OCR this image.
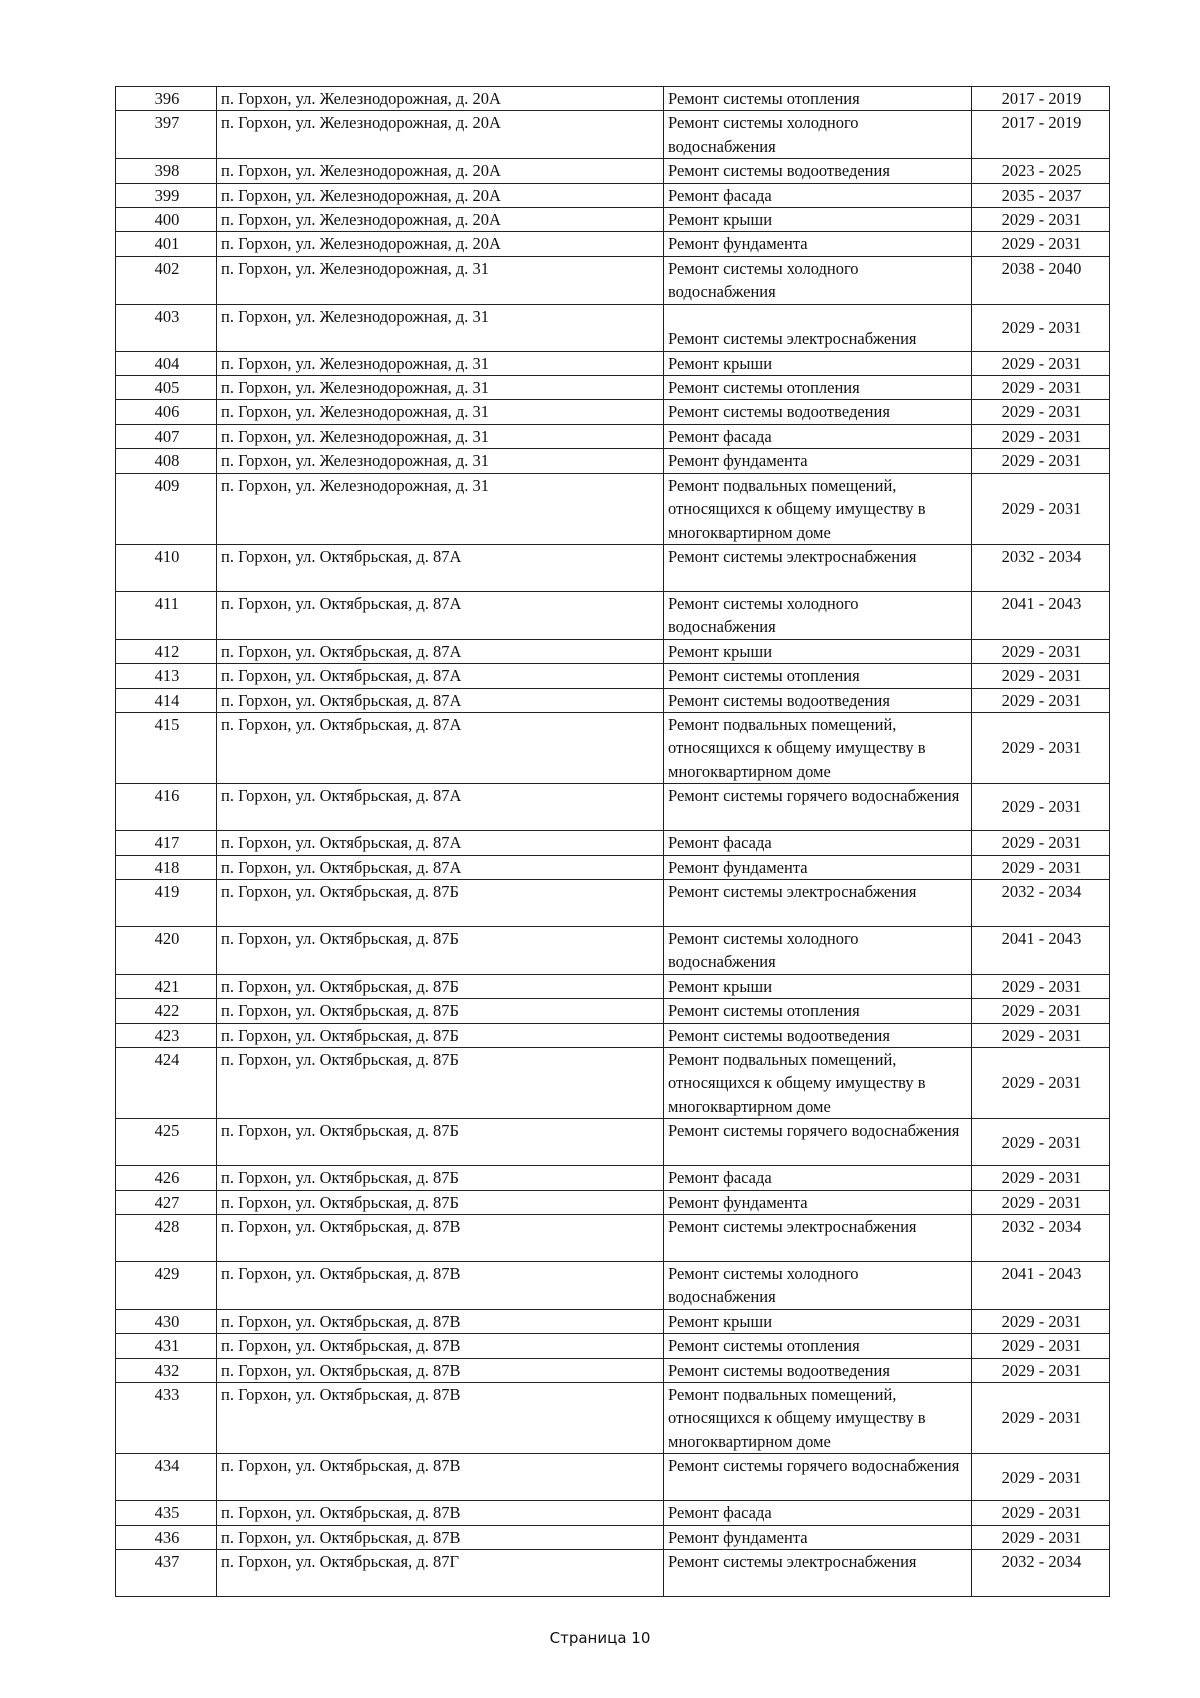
396	п. Горхон, ул. Железнодорожная, д. 20А	Ремонт системы отопления	2017 - 2019
397	п. Горхон, ул. Железнодорожная, д. 20А	Ремонт системы холодного водоснабжения	2017 - 2019
398	п. Горхон, ул. Железнодорожная, д. 20А	Ремонт системы водоотведения	2023 - 2025
399	п. Горхон, ул. Железнодорожная, д. 20А	Ремонт фасада	2035 - 2037
400	п. Горхон, ул. Железнодорожная, д. 20А	Ремонт крыши	2029 - 2031
401	п. Горхон, ул. Железнодорожная, д. 20А	Ремонт фундамента	2029 - 2031
402	п. Горхон, ул. Железнодорожная, д. 31	Ремонт системы холодного водоснабжения	2038 - 2040
403	п. Горхон, ул. Железнодорожная, д. 31	Ремонт системы электроснабжения	2029 - 2031
404	п. Горхон, ул. Железнодорожная, д. 31	Ремонт крыши	2029 - 2031
405	п. Горхон, ул. Железнодорожная, д. 31	Ремонт системы отопления	2029 - 2031
406	п. Горхон, ул. Железнодорожная, д. 31	Ремонт системы водоотведения	2029 - 2031
407	п. Горхон, ул. Железнодорожная, д. 31	Ремонт фасада	2029 - 2031
408	п. Горхон, ул. Железнодорожная, д. 31	Ремонт фундамента	2029 - 2031
409	п. Горхон, ул. Железнодорожная, д. 31	Ремонт подвальных помещений, относящихся к общему имуществу в многоквартирном доме	2029 - 2031
410	п. Горхон, ул. Октябрьская, д. 87А	Ремонт системы электроснабжения	2032 - 2034
411	п. Горхон, ул. Октябрьская, д. 87А	Ремонт системы холодного водоснабжения	2041 - 2043
412	п. Горхон, ул. Октябрьская, д. 87А	Ремонт крыши	2029 - 2031
413	п. Горхон, ул. Октябрьская, д. 87А	Ремонт системы отопления	2029 - 2031
414	п. Горхон, ул. Октябрьская, д. 87А	Ремонт системы водоотведения	2029 - 2031
415	п. Горхон, ул. Октябрьская, д. 87А	Ремонт подвальных помещений, относящихся к общему имуществу в многоквартирном доме	2029 - 2031
416	п. Горхон, ул. Октябрьская, д. 87А	Ремонт системы горячего водоснабжения	2029 - 2031
417	п. Горхон, ул. Октябрьская, д. 87А	Ремонт фасада	2029 - 2031
418	п. Горхон, ул. Октябрьская, д. 87А	Ремонт фундамента	2029 - 2031
419	п. Горхон, ул. Октябрьская, д. 87Б	Ремонт системы электроснабжения	2032 - 2034
420	п. Горхон, ул. Октябрьская, д. 87Б	Ремонт системы холодного водоснабжения	2041 - 2043
421	п. Горхон, ул. Октябрьская, д. 87Б	Ремонт крыши	2029 - 2031
422	п. Горхон, ул. Октябрьская, д. 87Б	Ремонт системы отопления	2029 - 2031
423	п. Горхон, ул. Октябрьская, д. 87Б	Ремонт системы водоотведения	2029 - 2031
424	п. Горхон, ул. Октябрьская, д. 87Б	Ремонт подвальных помещений, относящихся к общему имуществу в многоквартирном доме	2029 - 2031
425	п. Горхон, ул. Октябрьская, д. 87Б	Ремонт системы горячего водоснабжения	2029 - 2031
426	п. Горхон, ул. Октябрьская, д. 87Б	Ремонт фасада	2029 - 2031
427	п. Горхон, ул. Октябрьская, д. 87Б	Ремонт фундамента	2029 - 2031
428	п. Горхон, ул. Октябрьская, д. 87В	Ремонт системы электроснабжения	2032 - 2034
429	п. Горхон, ул. Октябрьская, д. 87В	Ремонт системы холодного водоснабжения	2041 - 2043
430	п. Горхон, ул. Октябрьская, д. 87В	Ремонт крыши	2029 - 2031
431	п. Горхон, ул. Октябрьская, д. 87В	Ремонт системы отопления	2029 - 2031
432	п. Горхон, ул. Октябрьская, д. 87В	Ремонт системы водоотведения	2029 - 2031
433	п. Горхон, ул. Октябрьская, д. 87В	Ремонт подвальных помещений, относящихся к общему имуществу в многоквартирном доме	2029 - 2031
434	п. Горхон, ул. Октябрьская, д. 87В	Ремонт системы горячего водоснабжения	2029 - 2031
435	п. Горхон, ул. Октябрьская, д. 87В	Ремонт фасада	2029 - 2031
436	п. Горхон, ул. Октябрьская, д. 87В	Ремонт фундамента	2029 - 2031
437	п. Горхон, ул. Октябрьская, д. 87Г	Ремонт системы электроснабжения	2032 - 2034
Страница 10
